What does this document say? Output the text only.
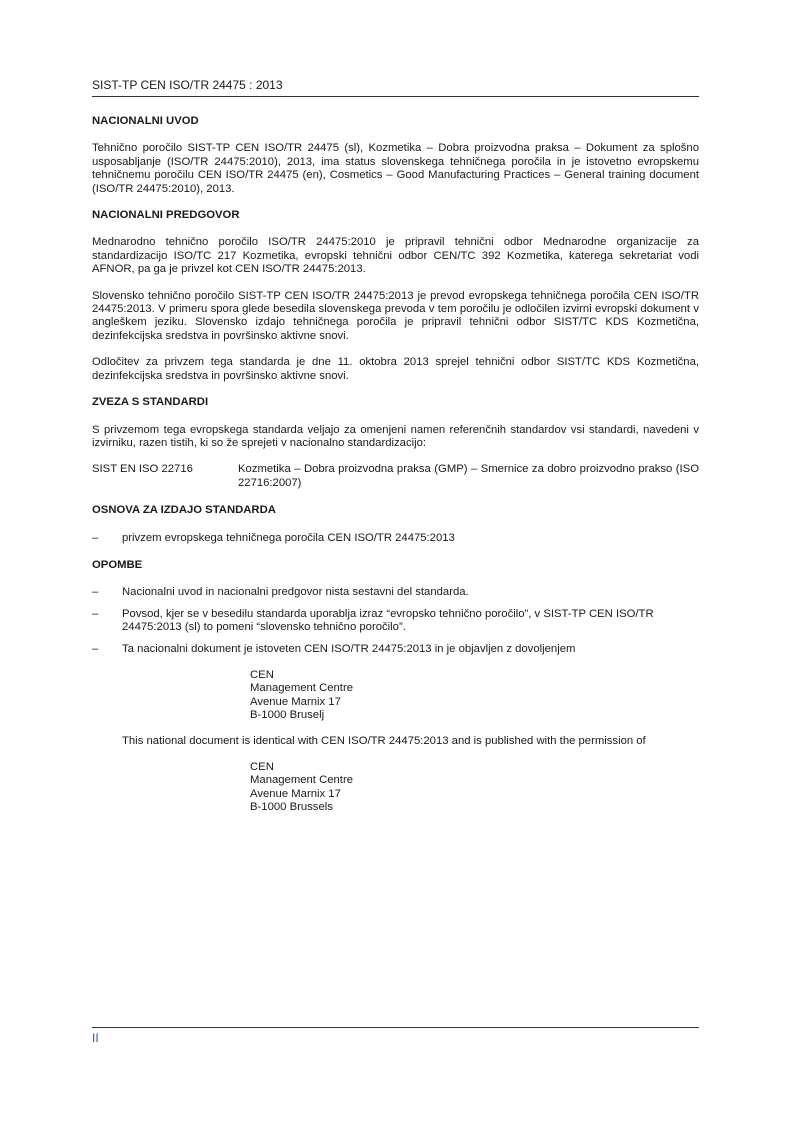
SIST-TP CEN ISO/TR 24475 : 2013
NACIONALNI UVOD

Tehnično poročilo SIST-TP CEN ISO/TR 24475 (sl), Kozmetika – Dobra proizvodna praksa – Dokument za splošno usposabljanje (ISO/TR 24475:2010), 2013, ima status slovenskega tehničnega poročila in je istovetno evropskemu tehničnemu poročilu CEN ISO/TR 24475 (en), Cosmetics – Good Manufacturing Practices – General training document (ISO/TR 24475:2010), 2013.

NACIONALNI PREDGOVOR

Mednarodno tehnično poročilo ISO/TR 24475:2010 je pripravil tehnični odbor Mednarodne organizacije za standardizacijo ISO/TC 217 Kozmetika, evropski tehnični odbor CEN/TC 392 Kozmetika, katerega sekretariat vodi AFNOR, pa ga je privzel kot CEN ISO/TR 24475:2013.

Slovensko tehnično poročilo SIST-TP CEN ISO/TR 24475:2013 je prevod evropskega tehničnega poročila CEN ISO/TR 24475:2013. V primeru spora glede besedila slovenskega prevoda v tem poročilu je odločilen izvirni evropski dokument v angleškem jeziku. Slovensko izdajo tehničnega poročila je pripravil tehnični odbor SIST/TC KDS Kozmetična, dezinfekcijska sredstva in površinsko aktivne snovi.

Odločitev za privzem tega standarda je dne 11. oktobra 2013 sprejel tehnični odbor SIST/TC KDS Kozmetična, dezinfekcijska sredstva in površinsko aktivne snovi.

ZVEZA S STANDARDI

S privzemom tega evropskega standarda veljajo za omenjeni namen referenčnih standardov vsi standardi, navedeni v izvirniku, razen tistih, ki so že sprejeti v nacionalno standardizacijo:

SIST EN ISO 22716	Kozmetika – Dobra proizvodna praksa (GMP) – Smernice za dobro proizvodno prakso (ISO 22716:2007)
OSNOVA ZA IZDAJO STANDARDA
–	privzem evropskega tehničnega poročila CEN ISO/TR 24475:2013
OPOMBE
–	Nacionalni uvod in nacionalni predgovor nista sestavni del standarda.
–	Povsod, kjer se v besedilu standarda uporablja izraz “evropsko tehnično poročilo”, v SIST-TP CEN ISO/TR 24475:2013 (sl) to pomeni “slovensko tehnično poročilo”.
–	Ta nacionalni dokument je istoveten CEN ISO/TR 24475:2013 in je objavljen z dovoljenjem
CEN
Management Centre
Avenue Marnix 17
B-1000 Bruselj

This national document is identical with CEN ISO/TR 24475:2013 and is published with the permission of

CEN
Management Centre
Avenue Marnix 17
B-1000 Brussels
II
